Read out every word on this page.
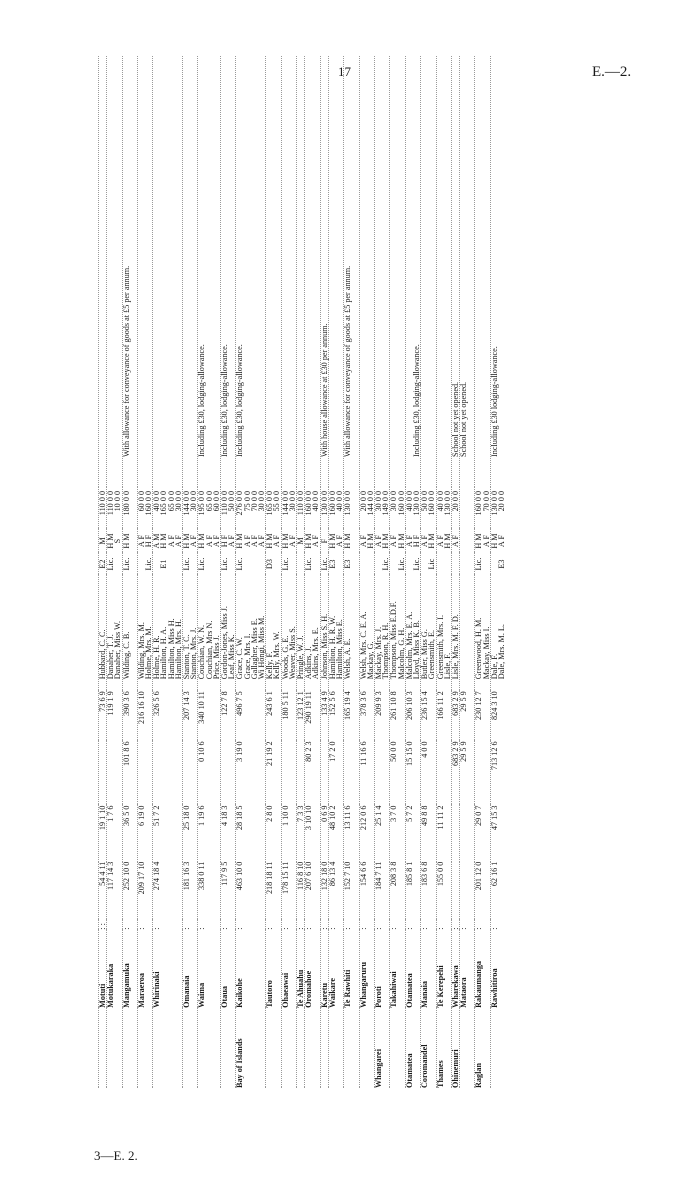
17	E.—2.
3—E. 2.
	Motuti	: :	54 4 11	19 1 10		73 6 9	Hubbard, C. C.	E2	M	110 0 0	
	Motukaraka		117 14 3	1 7 6		119 1 9	Danaher, T. J.	Lic.	H M	110 0 0	
							Danaher, Miss W.		S	10 0 0	
	Mangamuka	:	252 10 0	36 5 0	101 8 6	390 3 6	Wilding, C. B.	Lic.	H M	180 0 0	With allowance for conveyance of goods at £5 per annum.

	Maraeroa	:	209 17 10	6 19 0		216 16 10	Wilding, Mrs. M.		A F	60 0 0	
							Holme, Mrs. M.	Lic.	H F	160 0 0	
	Whirinaki	:	274 18 4	51 7 2		326 5 6	Holme, H. R.		A M	40 0 0	
							Hamilton, H. A.	E1	H M	165 0 0	
							Hamilton, Miss H.		A F	65 0 0	
							Hamilton, Mrs. H.		A F	30 0 0	
	Omanaia	:	181 16 3	25 18 0		207 14 3	Stanton, T. C.	Lic.	H M	144 0 0	
							Stanton, Mrs. J.		A F	30 0 0	
	Waima	:	338 0 11	1 19 6	0 10 6	340 10 11	Couchian, W. N.	Lic.	H M	195 0 0	Including £30, lodging-allowance.
							Couchian, Mrs N.		A F	65 0 0	
							Price, Miss J.		A F	60 0 0	
	Otaua	:	117 9 5	4 18 3		122 7 8	Gordon-Jones, Miss J.	Lic.	H F	110 0 0	Including £30, lodging-allowance.
							Leaf, Miss K.		A F	50 0 0	
Bay of Islands	Kaikohe	:	463 10 0	28 18 5	3 19 0	496 7 5	Grace, C. W.	Lic.	H M	276 0 0	Including £30, lodging-allowance.
							Grace, Mrs. I.		A F	75 0 0	
							Gallagher, Miss E.		A F	70 0 0	
							Wi Hongi, Miss M.		A F	30 0 0	
	Tautoro	:	218 18 11	2 8 0	21 19 2	243 6 1	Kelly, F.	D3	H M	165 0 0	
							Kelly, Mrs. W.		A F	55 0 0	
	Ohaeawai	:	178 15 11	1 10 0		180 5 11	Woods, G. E.	Lic.	H M	144 0 0	
							Weaver, Miss S.		A F	30 0 0	
	Te Ahuahu	:	116 8 10	7 3 3		123 12 1	Pringle, W. J.		M	110 0 0	
	Oromahoe	:	207 6 10	3 10 10	80 2 3	290 19 11	Adkins, J.	Lic.	H M	160 0 0	
							Adkins, Mrs. E.		A F	40 0 0	
	Karetu	:	132 18 0	0 6 9		133 4 9	Johnson, Miss S. H.	Lic.	F	130 0 0	With house allowance at £30 per annum.
	Waikare	:	86 13 4	48 10 2	17 2 0	152 5 6	Hamilton, H. R. W.	E3	H M	160 0 0	
							Hamilton, Miss E.		A F	40 0 0	
	Te Rawhiti	:	152 7 10	13 11 6		165 19 4	Welsh, A. E.	E3	H M	130 0 0	With allowance for conveyance of goods at £5 per annum.

	Whangaruru	:	154 6 6	212 0 6	11 16 6	378 3 6	Welsh, Mrs. C. E. A.		A F	20 0 0	
							Mackay, G.		H M	144 0 0	
Whangarei	Poroti	:	184 7 11	25 1 4		209 9 3	Mackay, Mrs. J.		A F	30 0 0	
							Thompson, R. H.	Lic.	H M	149 0 0	
	Takahiwai	:	208 3 8	3 7 0	50 0 0	261 10 8	Thompson, Miss E.D.F.		A F	30 0 0	
							Malcolm, G. H.	Lic.	H M	160 0 0	
Otamatea	Otamatea	:	185 8 1	5 7 2	15 15 0	206 10 3	Malcolm, Mrs. E. A.		A F	40 0 0	
							Lloyd, Miss K. B.	Lic.	H F	130 0 0	Including £30, lodging-allowance.
Coromandel	Manaia	:	183 6 8	49 8 8	4 0 0	236 15 4	Butler, Miss G.		A F	50 0 0	
							Greensmith, E.	Lic	H M	160 0 0	
Thames	Te Kerepehi	:	155 0 0	11 11 2		166 11 2	Greensmith, Mrs. I.		A F	40 0 0	
							Lisle, F.		H M	130 0 0	
Ohinemuri	Wharekawa	:			683 2 9	683 2 9	Lisle, Mrs. M. F. D.		A F	20 0 0	School not yet opened.
	Mataora	:			29 5 9	29 5 9					School not yet opened.

Raglan	Rakaumanga	:	201 12 0	29 0 7		230 12 7	Greenwood, H. M.	Lic.	H M	160 0 0	
							Mackay, Miss I.		A F	70 0 0	
	Rawhitiroa	:	62 16 1	47 15 3	713 12 6	824 3 10	Dale, F.		H M	130 0 0	Including £30 lodging-allowance.
							Dale, Mrs. M. L.	E3	A F	20 0 0	
